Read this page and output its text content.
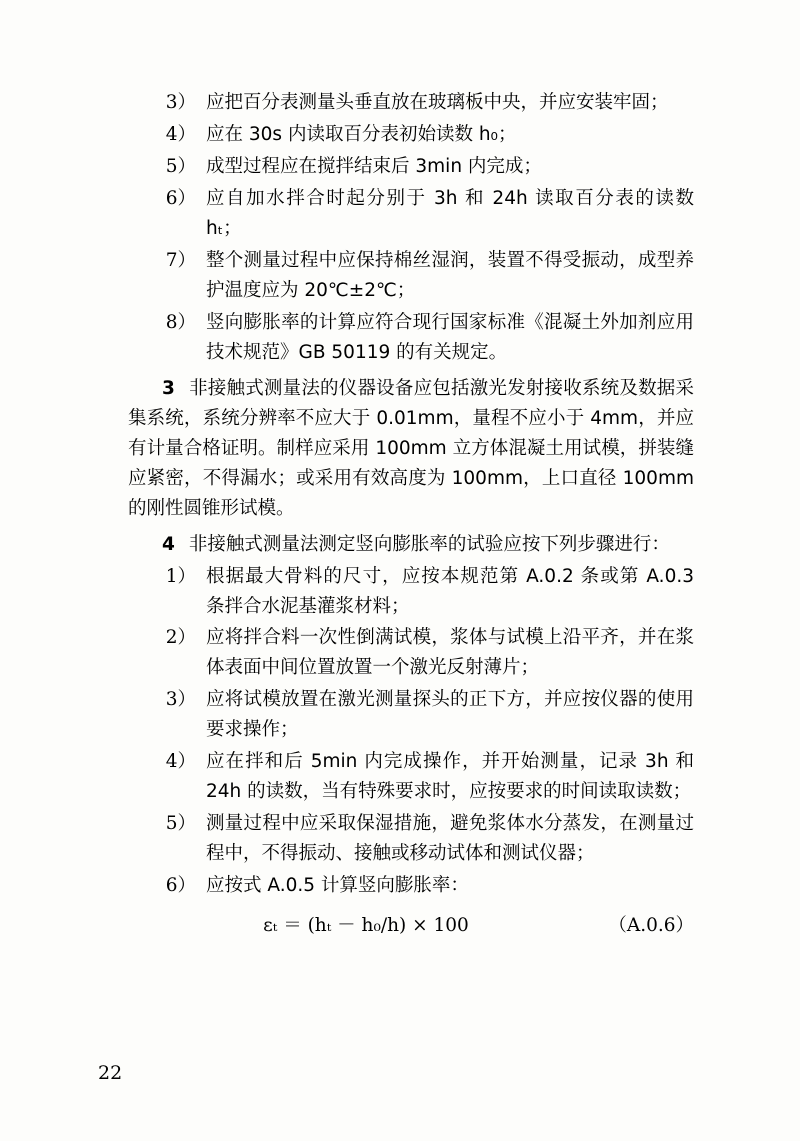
3） 应把百分表测量头垂直放在玻璃板中央，并应安装牢固；
4） 应在 30s 内读取百分表初始读数 h₀；
5） 成型过程应在搅拌结束后 3min 内完成；
6） 应自加水拌合时起分别于 3h 和 24h 读取百分表的读数 hₜ；
7） 整个测量过程中应保持棉丝湿润，装置不得受振动，成型养护温度应为 20℃±2℃；
8） 竖向膨胀率的计算应符合现行国家标准《混凝土外加剂应用技术规范》GB 50119 的有关规定。

3 非接触式测量法的仪器设备应包括激光发射接收系统及数据采集系统，系统分辨率不应大于 0.01mm，量程不应小于 4mm，并应有计量合格证明。制样应采用 100mm 立方体混凝土用试模，拼装缝应紧密，不得漏水；或采用有效高度为 100mm，上口直径 100mm 的刚性圆锥形试模。

4 非接触式测量法测定竖向膨胀率的试验应按下列步骤进行：

1） 根据最大骨料的尺寸，应按本规范第 A.0.2 条或第 A.0.3 条拌合水泥基灌浆材料；
2） 应将拌合料一次性倒满试模，浆体与试模上沿平齐，并在浆体表面中间位置放置一个激光反射薄片；
3） 应将试模放置在激光测量探头的正下方，并应按仪器的使用要求操作；
4） 应在拌和后 5min 内完成操作，并开始测量，记录 3h 和 24h 的读数，当有特殊要求时，应按要求的时间读取读数；
5） 测量过程中应采取保湿措施，避免浆体水分蒸发，在测量过程中，不得振动、接触或移动试体和测试仪器；
6） 应按式 A.0.5 计算竖向膨胀率：
εₜ ＝ (hₜ － h₀/h) × 100	（A.0.6）
22
